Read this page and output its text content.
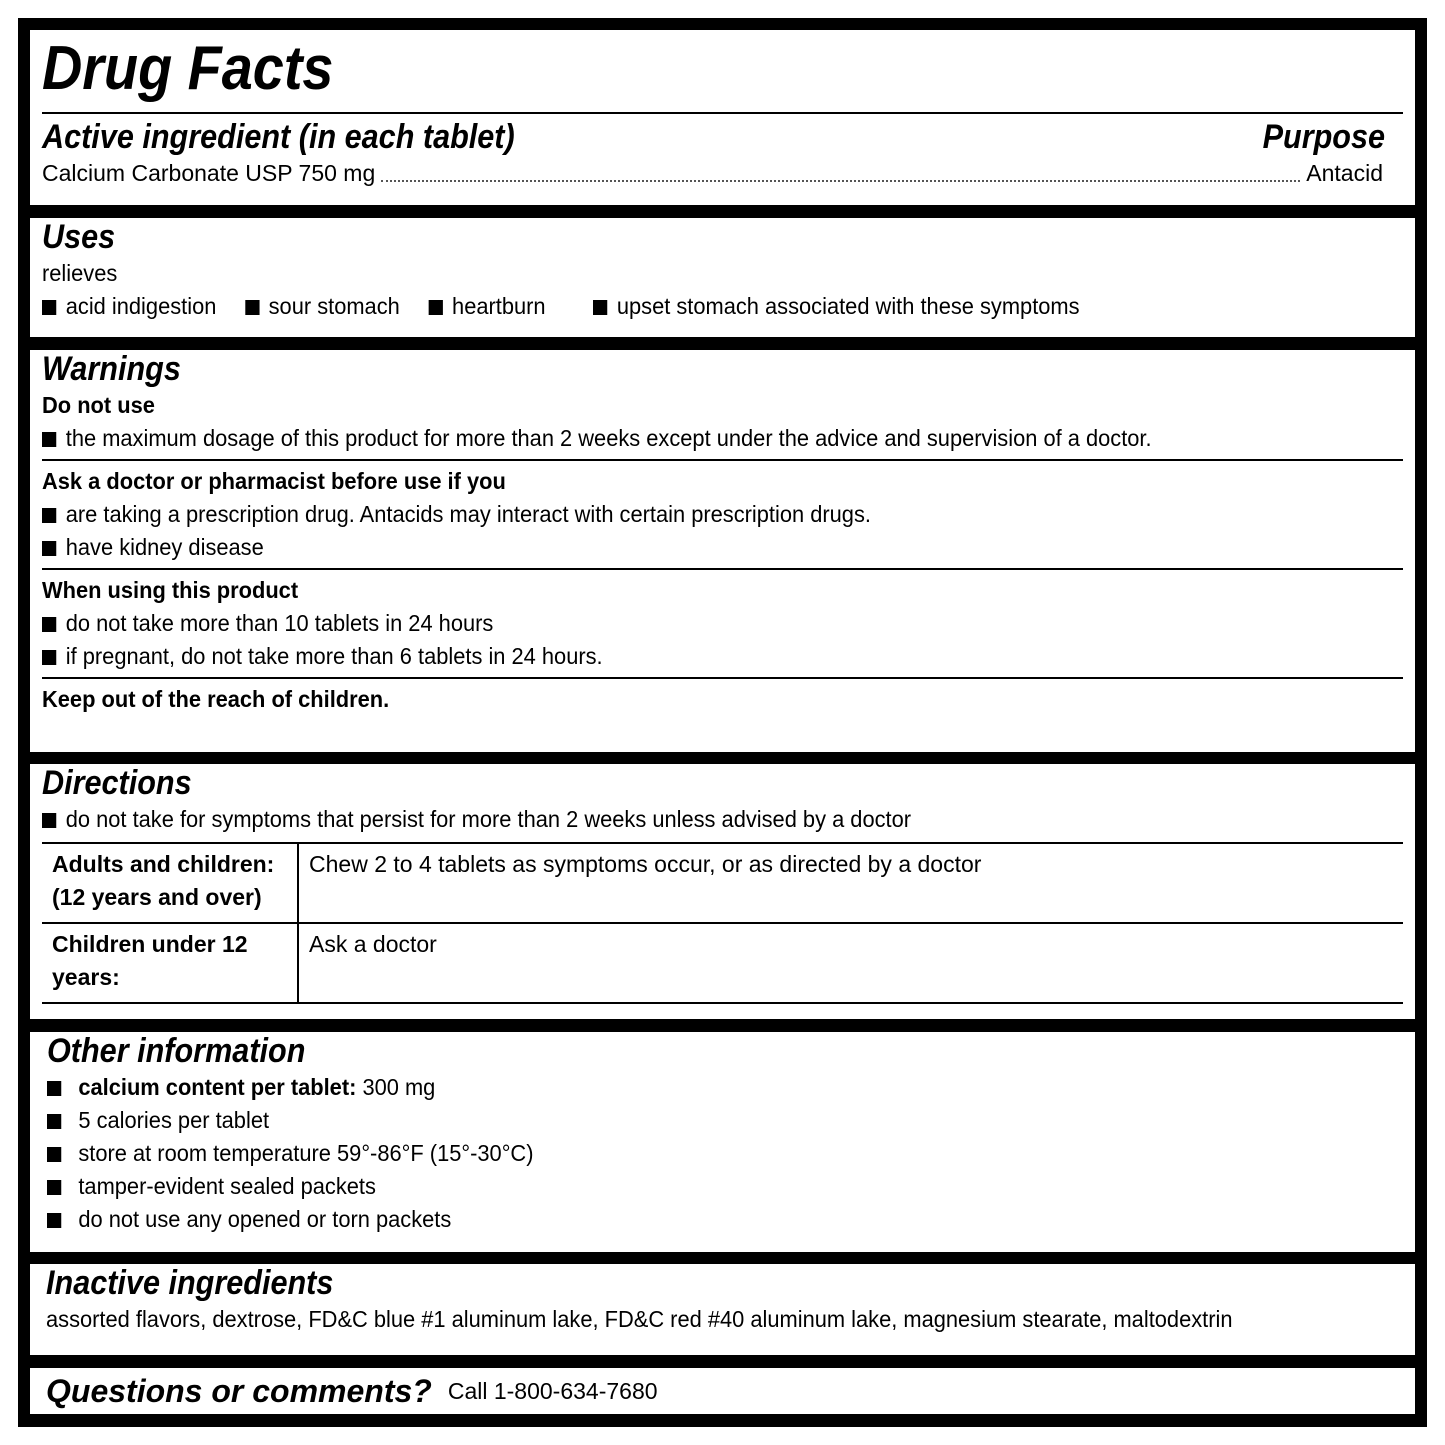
Drug Facts
Active ingredient (in each tablet)	Purpose
Calcium Carbonate USP 750 mg	Antacid
Uses
relieves
acid indigestion sour stomach heartburn	upset stomach associated with these symptoms
Warnings
Do not use
the maximum dosage of this product for more than 2 weeks except under the advice and supervision of a doctor.
Ask a doctor or pharmacist before use if you
are taking a prescription drug. Antacids may interact with certain prescription drugs.
have kidney disease
When using this product
do not take more than 10 tablets in 24 hours
if pregnant, do not take more than 6 tablets in 24 hours.
Keep out of the reach of children.
Directions
do not take for symptoms that persist for more than 2 weeks unless advised by a doctor
Adults and children: (12 years and over)	Chew 2 to 4 tablets as symptoms occur, or as directed by a doctor
Children under 12 years:	Ask a doctor
Other information
calcium content per tablet: 300 mg
5 calories per tablet
store at room temperature 59°-86°F (15°-30°C)
tamper-evident sealed packets
do not use any opened or torn packets
Inactive ingredients
assorted flavors, dextrose, FD&C blue #1 aluminum lake, FD&C red #40 aluminum lake, magnesium stearate, maltodextrin
Questions or comments? Call 1-800-634-7680
